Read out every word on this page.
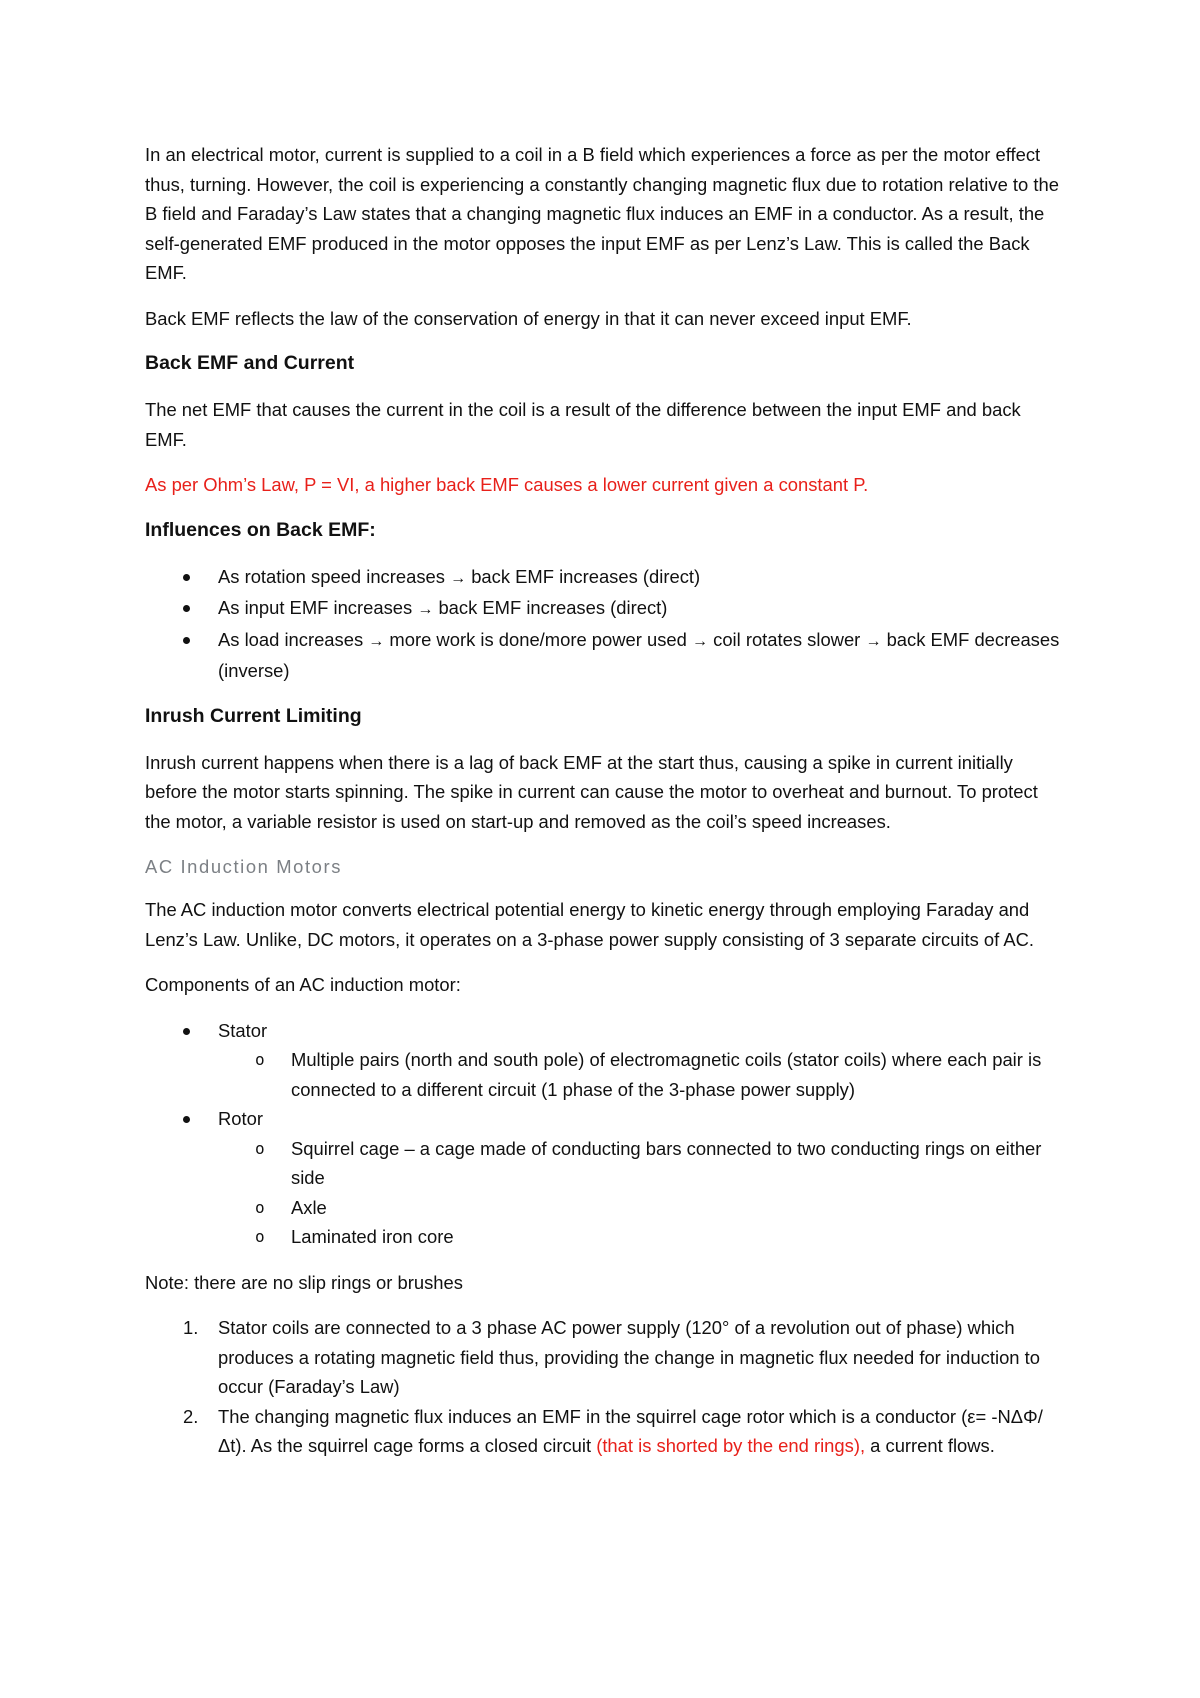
In an electrical motor, current is supplied to a coil in a B field which experiences a force as per the motor effect thus, turning. However, the coil is experiencing a constantly changing magnetic flux due to rotation relative to the B field and Faraday’s Law states that a changing magnetic flux induces an EMF in a conductor. As a result, the self-generated EMF produced in the motor opposes the input EMF as per Lenz’s Law. This is called the Back EMF.

Back EMF reflects the law of the conservation of energy in that it can never exceed input EMF.

Back EMF and Current

The net EMF that causes the current in the coil is a result of the difference between the input EMF and back EMF.

As per Ohm’s Law, P = VI, a higher back EMF causes a lower current given a constant P.

Influences on Back EMF:
As rotation speed increases → back EMF increases (direct)
As input EMF increases → back EMF increases (direct)
As load increases → more work is done/more power used → coil rotates slower → back EMF decreases (inverse)
Inrush Current Limiting

Inrush current happens when there is a lag of back EMF at the start thus, causing a spike in current initially before the motor starts spinning. The spike in current can cause the motor to overheat and burnout. To protect the motor, a variable resistor is used on start-up and removed as the coil’s speed increases.

AC Induction Motors

The AC induction motor converts electrical potential energy to kinetic energy through employing Faraday and Lenz’s Law. Unlike, DC motors, it operates on a 3-phase power supply consisting of 3 separate circuits of AC.

Components of an AC induction motor:

Stator
o Multiple pairs (north and south pole) of electromagnetic coils (stator coils) where each pair is connected to a different circuit (1 phase of the 3-phase power supply)
Rotor
o Squirrel cage – a cage made of conducting bars connected to two conducting rings on either side
o Axle
o Laminated iron core

Note: there are no slip rings or brushes

1. Stator coils are connected to a 3 phase AC power supply (120° of a revolution out of phase) which produces a rotating magnetic field thus, providing the change in magnetic flux needed for induction to occur (Faraday’s Law)
2. The changing magnetic flux induces an EMF in the squirrel cage rotor which is a conductor (ε= -NΔΦ/Δt). As the squirrel cage forms a closed circuit (that is shorted by the end rings), a current flows.
